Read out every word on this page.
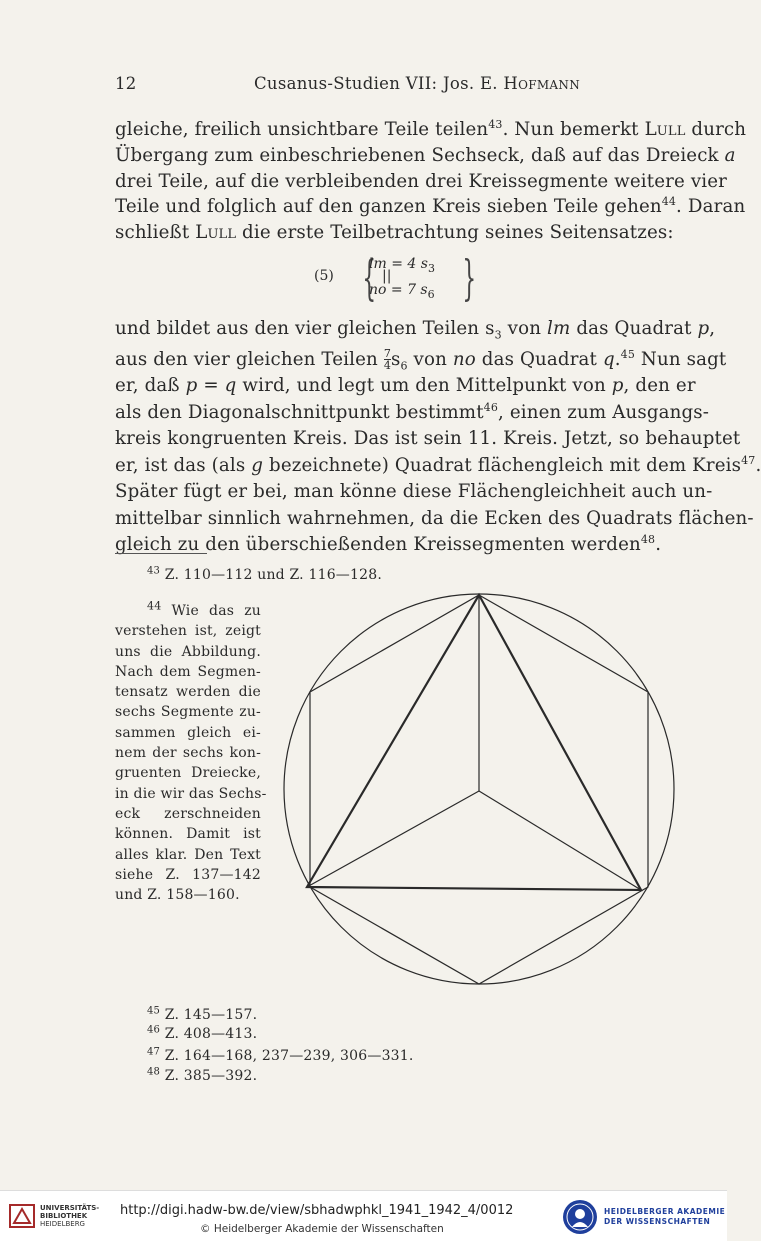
12	Cusanus-Studien VII: Jos. E. Hofmann
gleiche, freilich unsichtbare Teile teilen$^{43}$. Nun bemerkt Lull durch
Übergang zum einbeschriebenen Sechseck, daß auf das Dreieck a
drei Teile, auf die verbleibenden drei Kreissegmente weitere vier
Teile und folglich auf den ganzen Kreis sieben Teile gehen$^{44}$. Daran
schließt Lull die erste Teilbetrachtung seines Seitensatzes:
(5) {
lm = 4 $s_3$
||
no = 7 $s_6$ }
und bildet aus den vier gleichen Teilen $s_3$ von lm das Quadrat p,
aus den vier gleichen Teilen $\frac{7}{4} s_6$ von no das Quadrat q.$^{45}$ Nun sagt
er, daß p = q wird, und legt um den Mittelpunkt von p, den er
als den Diagonalschnittpunkt bestimmt$^{46}$, einen zum Ausgangs-
kreis kongruenten Kreis. Das ist sein 11. Kreis. Jetzt, so behauptet
er, ist das (als g bezeichnete) Quadrat flächengleich mit dem Kreis$^{47}$.
Später fügt er bei, man könne diese Flächengleichheit auch un-
mittelbar sinnlich wahrnehmen, da die Ecken des Quadrats flächen-
gleich zu den überschießenden Kreissegmenten werden$^{48}$.
$^{43}$ Z. 110—112 und Z. 116—128.
$^{44}$ Wie das zu
verstehen ist, zeigt
uns die Abbildung.
Nach dem Segmen-
tensatz werden die
sechs Segmente zu-
sammen gleich ei-
nem der sechs kon-
gruenten Dreiecke,
in die wir das Sechs-
eck zerschneiden
können. Damit ist
alles klar. Den Text
siehe Z. 137—142
und Z. 158—160.
$^{45}$ Z. 145—157.
$^{46}$ Z. 408—413.
$^{47}$ Z. 164—168, 237—239, 306—331.
$^{48}$ Z. 385—392.
UNIVERSITÄTS-
BIBLIOTHEK
HEIDELBERG
http://digi.hadw-bw.de/view/sbhadwphkl_1941_1942_4/0012
© Heidelberger Akademie der Wissenschaften
HEIDELBERGER AKADEMIE
DER WISSENSCHAFTEN
